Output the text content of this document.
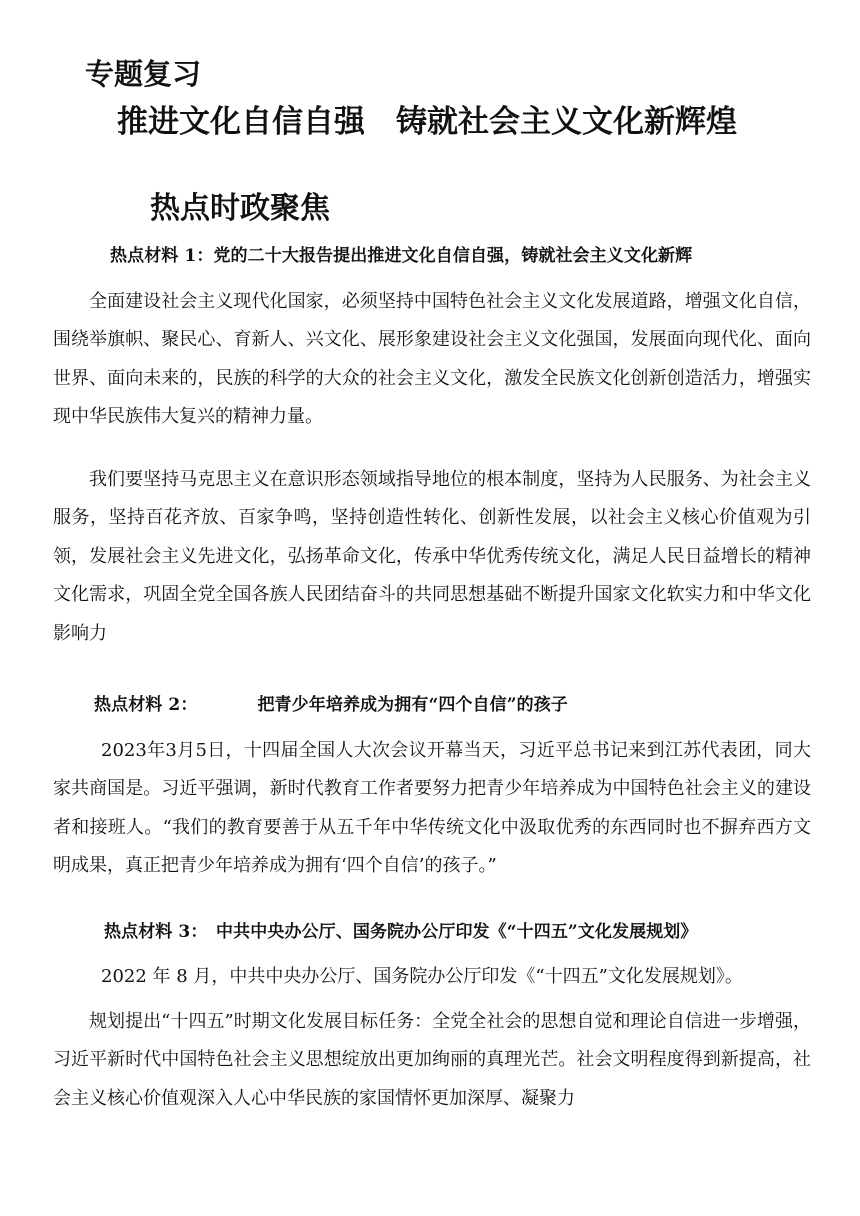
专题复习
推进文化自信自强　铸就社会主义文化新辉煌
热点时政聚焦
热点材料 1：党的二十大报告提出推进文化自信自强，铸就社会主义文化新辉

全面建设社会主义现代化国家，必须坚持中国特色社会主义文化发展道路，增强文化自信，围绕举旗帜、聚民心、育新人、兴文化、展形象建设社会主义文化强国，发展面向现代化、面向世界、面向未来的，民族的科学的大众的社会主义文化，激发全民族文化创新创造活力，增强实现中华民族伟大复兴的精神力量。

我们要坚持马克思主义在意识形态领域指导地位的根本制度，坚持为人民服务、为社会主义服务，坚持百花齐放、百家争鸣，坚持创造性转化、创新性发展，以社会主义核心价值观为引领，发展社会主义先进文化，弘扬革命文化，传承中华优秀传统文化，满足人民日益增长的精神文化需求，巩固全党全国各族人民团结奋斗的共同思想基础不断提升国家文化软实力和中华文化影响力

热点材料 2：	把青少年培养成为拥有“四个自信”的孩子

2023年3月5日，十四届全国人大次会议开幕当天，习近平总书记来到江苏代表团，同大家共商国是。习近平强调，新时代教育工作者要努力把青少年培养成为中国特色社会主义的建设者和接班人。“我们的教育要善于从五千年中华传统文化中汲取优秀的东西同时也不摒弃西方文明成果，真正把青少年培养成为拥有‘四个自信’的孩子。”

热点材料 3：　中共中央办公厅、国务院办公厅印发《“十四五”文化发展规划》

2022 年 8 月，中共中央办公厅、国务院办公厅印发《“十四五”文化发展规划》。

规划提出“十四五”时期文化发展目标任务：全党全社会的思想自觉和理论自信进一步增强，习近平新时代中国特色社会主义思想绽放出更加绚丽的真理光芒。社会文明程度得到新提高，社会主义核心价值观深入人心中华民族的家国情怀更加深厚、凝聚力
